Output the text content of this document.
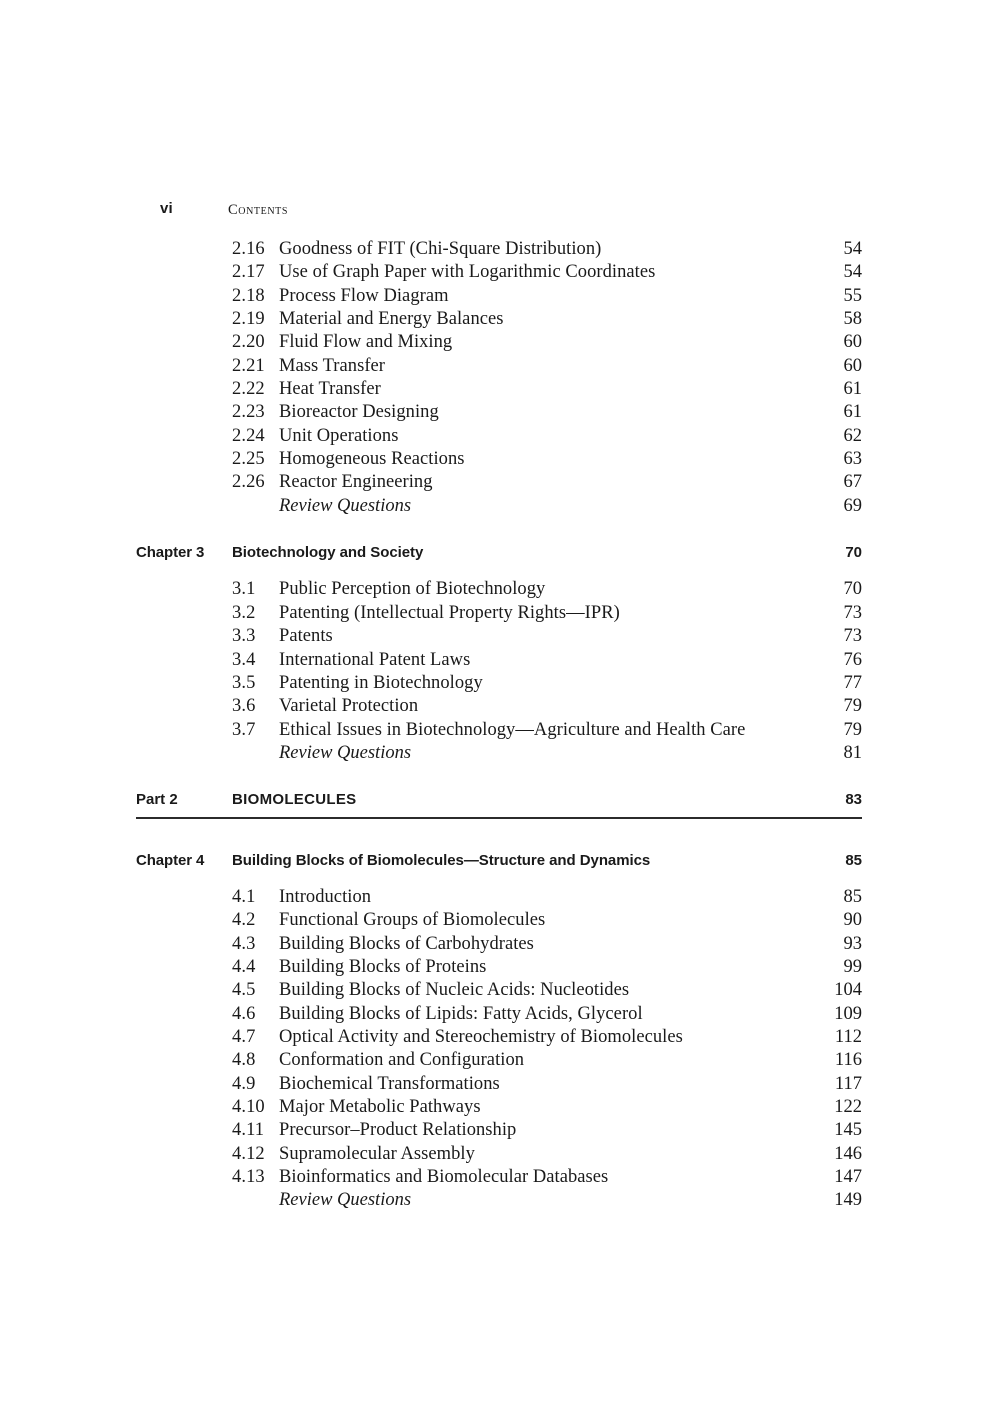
vi	Contents
2.16 Goodness of FIT (Chi-Square Distribution)	54
2.17 Use of Graph Paper with Logarithmic Coordinates	54
2.18 Process Flow Diagram	55
2.19 Material and Energy Balances	58
2.20 Fluid Flow and Mixing	60
2.21 Mass Transfer	60
2.22 Heat Transfer	61
2.23 Bioreactor Designing	61
2.24 Unit Operations	62
2.25 Homogeneous Reactions	63
2.26 Reactor Engineering	67
Review Questions	69
Chapter 3 Biotechnology and Society	70
3.1 Public Perception of Biotechnology	70
3.2 Patenting (Intellectual Property Rights—IPR)	73
3.3 Patents	73
3.4 International Patent Laws	76
3.5 Patenting in Biotechnology	77
3.6 Varietal Protection	79
3.7 Ethical Issues in Biotechnology—Agriculture and Health Care	79
Review Questions	81
Part 2	BIOMOLECULES	83
Chapter 4 Building Blocks of Biomolecules—Structure and Dynamics	85
4.1 Introduction	85
4.2 Functional Groups of Biomolecules	90
4.3 Building Blocks of Carbohydrates	93
4.4 Building Blocks of Proteins	99
4.5 Building Blocks of Nucleic Acids: Nucleotides	104
4.6 Building Blocks of Lipids: Fatty Acids, Glycerol	109
4.7 Optical Activity and Stereochemistry of Biomolecules	112
4.8 Conformation and Configuration	116
4.9 Biochemical Transformations	117
4.10 Major Metabolic Pathways	122
4.11 Precursor–Product Relationship	145
4.12 Supramolecular Assembly	146
4.13 Bioinformatics and Biomolecular Databases	147
Review Questions	149
